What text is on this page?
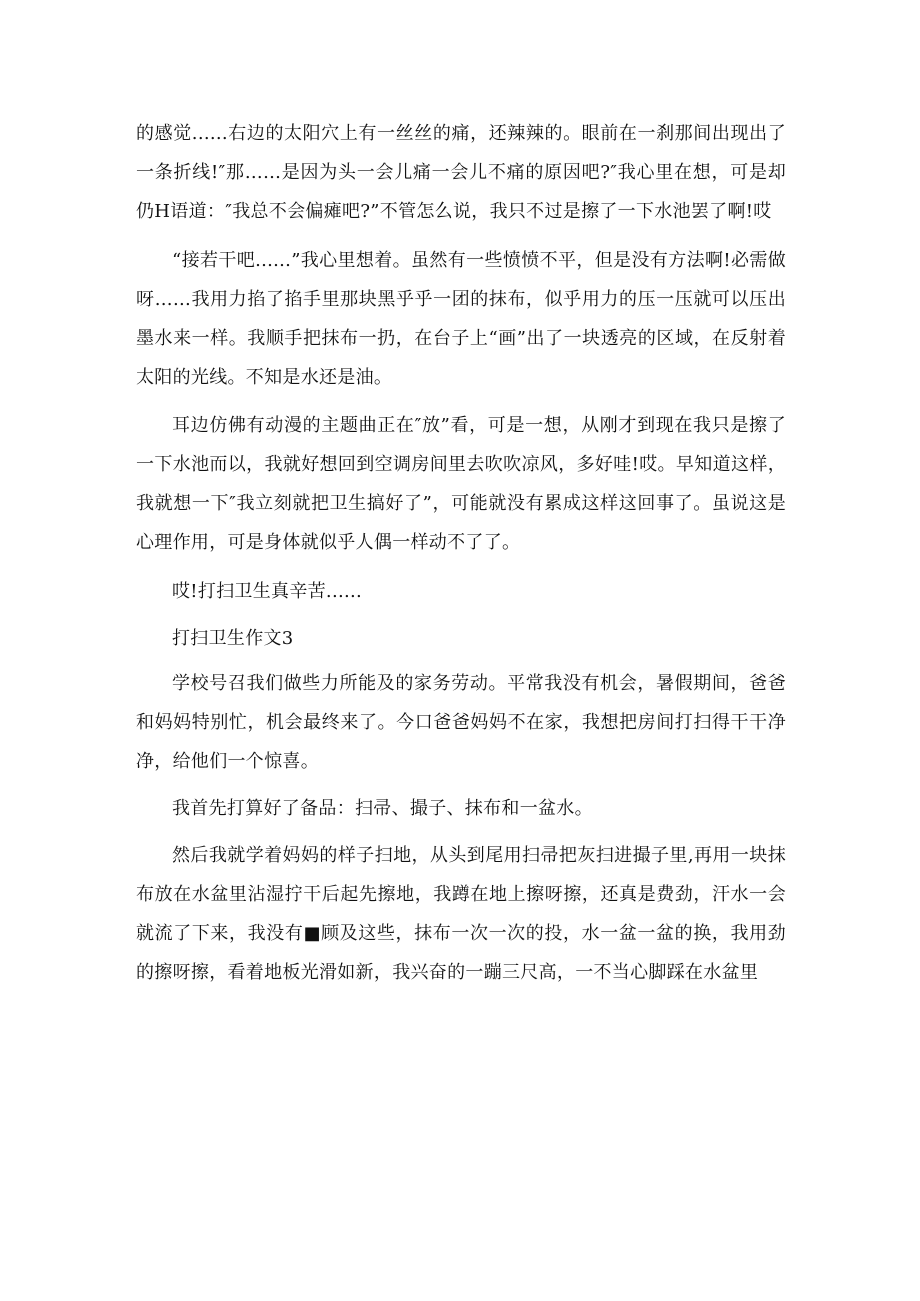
的感觉......右边的太阳穴上有一丝丝的痛，还辣辣的。眼前在一刹那间出现出了一条折线!″那……是因为头一会儿痛一会儿不痛的原因吧?″我心里在想，可是却仍H语道：″我总不会偏瘫吧?”不管怎么说，我只不过是擦了一下水池罢了啊!哎

“接若干吧......”我心里想着。虽然有一些愤愤不平，但是没有方法啊!必需做呀……我用力掐了掐手里那块黑乎乎一团的抹布，似乎用力的压一压就可以压出墨水来一样。我顺手把抹布一扔，在台子上“画”出了一块透亮的区域，在反射着太阳的光线。不知是水还是油。

耳边仿佛有动漫的主题曲正在″放”看，可是一想，从刚才到现在我只是擦了一下水池而以，我就好想回到空调房间里去吹吹凉风，多好哇!哎。早知道这样，我就想一下″我立刻就把卫生搞好了”，可能就没有累成这样这回事了。虽说这是心理作用，可是身体就似乎人偶一样动不了了。

哎!打扫卫生真辛苦......

打扫卫生作文3

学校号召我们做些力所能及的家务劳动。平常我没有机会，暑假期间，爸爸和妈妈特别忙，机会最终来了。今口爸爸妈妈不在家，我想把房间打扫得干干净净，给他们一个惊喜。

我首先打算好了备品：扫帚、撮子、抹布和一盆水。

然后我就学着妈妈的样子扫地，从头到尾用扫帚把灰扫进撮子里,再用一块抹布放在水盆里沾湿拧干后起先擦地，我蹲在地上擦呀擦，还真是费劲，汗水一会就流了下来，我没有■顾及这些，抹布一次一次的投，水一盆一盆的换，我用劲的擦呀擦，看着地板光滑如新，我兴奋的一蹦三尺高，一不当心脚踩在水盆里
